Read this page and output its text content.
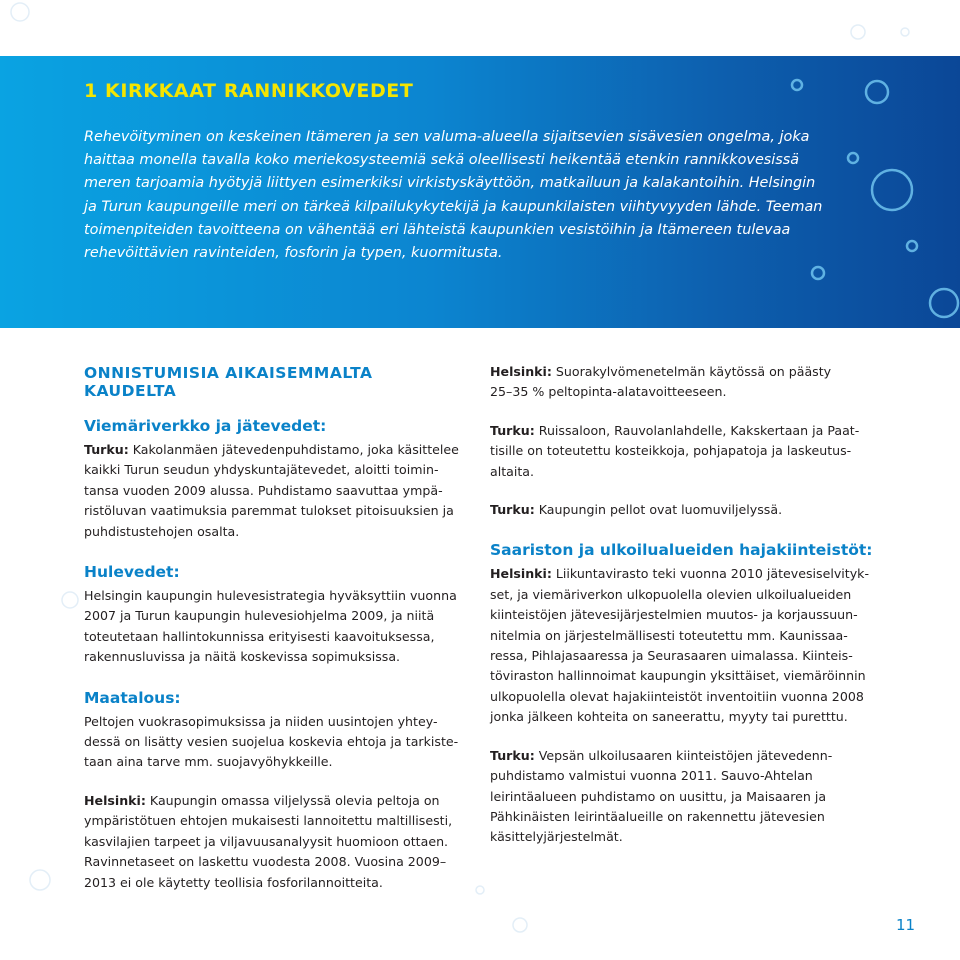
1 KIRKKAAT RANNIKKOVEDET
Rehevöityminen on keskeinen Itämeren ja sen valuma-alueella sijaitsevien sisävesien ongelma, joka
haittaa monella tavalla koko meriekosysteemiä sekä oleellisesti heikentää etenkin rannikkovesissä
meren tarjoamia hyötyjä liittyen esimerkiksi virkistyskäyttöön, matkailuun ja kalakantoihin. Helsingin
ja Turun kaupungeille meri on tärkeä kilpailukykytekijä ja kaupunkilaisten viihtyvyyden lähde. Teeman
toimenpiteiden tavoitteena on vähentää eri lähteistä kaupunkien vesistöihin ja Itämereen tulevaa
rehevöittävien ravinteiden, fosforin ja typen, kuormitusta.
ONNISTUMISIA AIKAISEMMALTA KAUDELTA
Viemäriverkko ja jätevedet:
Turku: Kakolanmäen jätevedenpuhdistamo, joka käsittelee
kaikki Turun seudun yhdyskuntajätevedet, aloitti toimin-
tansa vuoden 2009 alussa. Puhdistamo saavuttaa ympä-
ristöluvan vaatimuksia paremmat tulokset pitoisuuksien ja
puhdistustehojen osalta.
Hulevedet:
Helsingin kaupungin hulevesistrategia hyväksyttiin vuonna
2007 ja Turun kaupungin hulevesiohjelma 2009, ja niitä
toteutetaan hallintokunnissa erityisesti kaavoituksessa,
rakennusluvissa ja näitä koskevissa sopimuksissa.
Maatalous:
Peltojen vuokrasopimuksissa ja niiden uusintojen yhtey-
dessä on lisätty vesien suojelua koskevia ehtoja ja tarkiste-
taan aina tarve mm. suojavyöhykkeille.
Helsinki: Kaupungin omassa viljelyssä olevia peltoja on
ympäristötuen ehtojen mukaisesti lannoitettu maltillisesti,
kasvilajien tarpeet ja viljavuusanalyysit huomioon ottaen.
Ravinnetaseet on laskettu vuodesta 2008. Vuosina 2009–
2013 ei ole käytetty teollisia fosforilannoitteita.
Helsinki: Suorakylvömenetelmän käytössä on päästy
25–35 % peltopinta-alatavoitteeseen.
Turku: Ruissaloon, Rauvolanlahdelle, Kakskertaan ja Paat-
tisille on toteutettu kosteikkoja, pohjapatoja ja laskeutus-
altaita.
Turku: Kaupungin pellot ovat luomuviljelyssä.
Saariston ja ulkoilualueiden hajakiinteistöt:
Helsinki: Liikuntavirasto teki vuonna 2010 jätevesiselvityk-
set, ja viemäriverkon ulkopuolella olevien ulkoilualueiden
kiinteistöjen jätevesijärjestelmien muutos- ja korjaussuun-
nitelmia on järjestelmällisesti toteutettu mm. Kaunissaa-
ressa, Pihlajasaaressa ja Seurasaaren uimalassa. Kiinteis-
töviraston hallinnoimat kaupungin yksittäiset, viemäröinnin
ulkopuolella olevat hajakiinteistöt inventoitiin vuonna 2008
jonka jälkeen kohteita on saneerattu, myyty tai puretttu.
Turku: Vepsän ulkoilusaaren kiinteistöjen jätevedenn-
puhdistamo valmistui vuonna 2011. Sauvo-Ahtelan
leirintäalueen puhdistamo on uusittu, ja Maisaaren ja
Pähkinäisten leirintäalueille on rakennettu jätevesien
käsittelyjärjestelmät.
11
